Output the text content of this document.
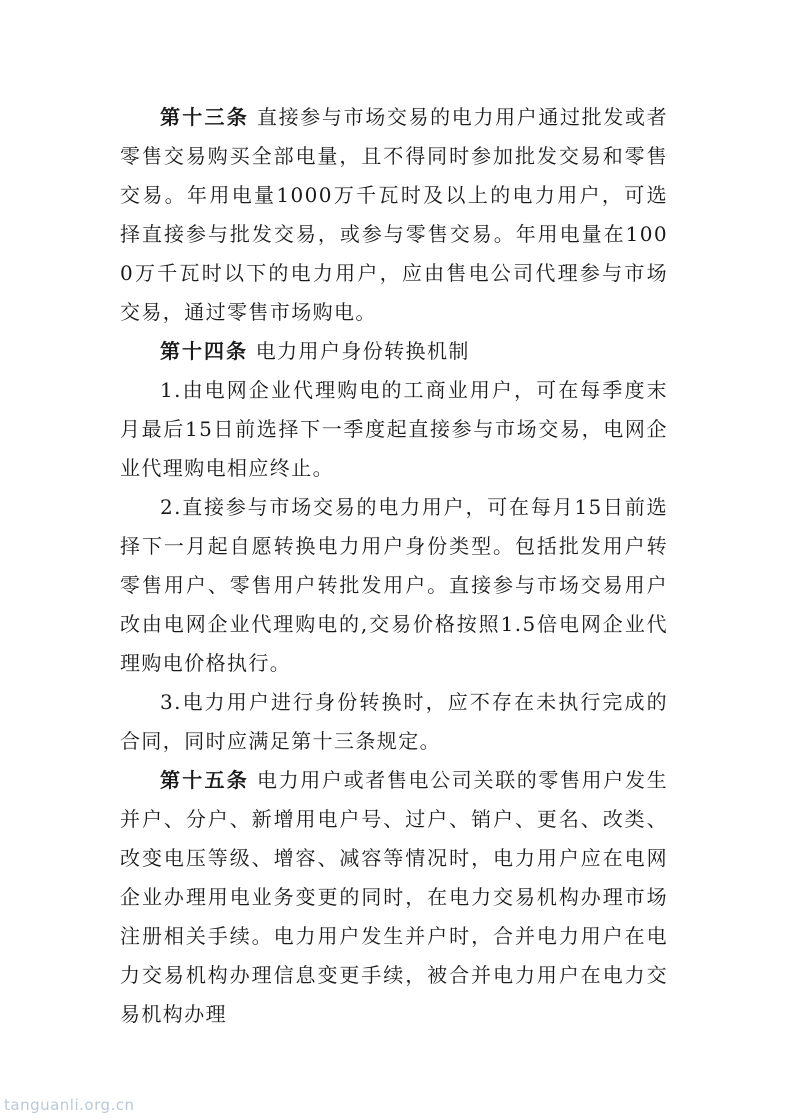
第十三条 直接参与市场交易的电力用户通过批发或者零售交易购买全部电量，且不得同时参加批发交易和零售交易。年用电量1000万千瓦时及以上的电力用户，可选择直接参与批发交易，或参与零售交易。年用电量在1000万千瓦时以下的电力用户，应由售电公司代理参与市场交易，通过零售市场购电。

第十四条 电力用户身份转换机制

1.由电网企业代理购电的工商业用户，可在每季度末月最后15日前选择下一季度起直接参与市场交易，电网企业代理购电相应终止。

2.直接参与市场交易的电力用户，可在每月15日前选择下一月起自愿转换电力用户身份类型。包括批发用户转零售用户、零售用户转批发用户。直接参与市场交易用户改由电网企业代理购电的,交易价格按照1.5倍电网企业代理购电价格执行。

3.电力用户进行身份转换时，应不存在未执行完成的合同，同时应满足第十三条规定。

第十五条 电力用户或者售电公司关联的零售用户发生并户、分户、新增用电户号、过户、销户、更名、改类、改变电压等级、增容、减容等情况时，电力用户应在电网企业办理用电业务变更的同时，在电力交易机构办理市场注册相关手续。电力用户发生并户时，合并电力用户在电力交易机构办理信息变更手续，被合并电力用户在电力交易机构办理

tanguanli.org.cn
